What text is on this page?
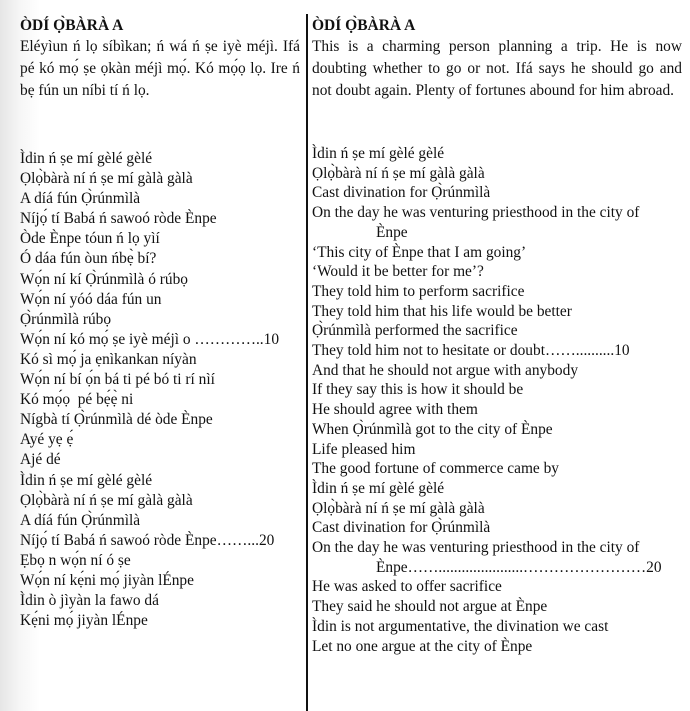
ÒDÍ Ọ̀BÀRÀ A

Eléyìun ń lọ síbìkan; ń wá ń ṣe iyè méjì. Ifá pé kó mọ́ ṣe ọkàn méjì mọ́. Kó mọ́ọ lọ. Ire ń bẹ fún un níbi tí ń lọ.

Ìdin ń ṣe mí gèlé gèlé
Ọlọ̀bàrà ní ń ṣe mí gàlà gàlà
A díá fún Ọ̀rúnmìlà
Níjọ́ tí Babá ń sawoó ròde Ènpe
Òde Ènpe tóun ń lọ yìí
Ó dáa fún òun ńbẹ̀ bí?
Wọ́n ní kí Ọ̀rúnmìlà ó rúbọ
Wọ́n ní yóó dáa fún un
Ọ̀rúnmìlà rúbọ
Wọ́n ní kó mọ́ ṣe iyè méjì o …………..10
Kó sì mọ́ ja ẹnìkankan níyàn
Wọ́n ní bí ọ́n bá ti pé bó ti rí nìí
Kó mọ́ọ  pé bẹ́ẹ̀ ni
Nígbà tí Ọ̀rúnmìlà dé òde Ènpe
Ayé yẹ ẹ́
Ajé dé
Ìdin ń ṣe mí gèlé gèlé
Ọlọ̀bàrà ní ń ṣe mí gàlà gàlà
A díá fún Ọ̀rúnmìlà
Níjọ́ tí Babá ń sawoó ròde Ènpe……...20
Ẹbọ n wọ́n ní ó ṣe
Wọ́n ní kẹ́ni mọ́ jiyàn lÉnpe
Ìdin ò jìyàn la fawo dá
Kẹ́ni mọ́ jiyàn lÉnpe
ÒDÍ Ọ̀BÀRÀ A

This is a charming person planning a trip. He is now doubting whether to go or not. Ifá says he should go and not doubt again. Plenty of fortunes abound for him abroad.

Ìdin ń ṣe mí gèlé gèlé
Ọlọ̀bàrà ní ń ṣe mí gàlà gàlà
Cast divination for Ọ̀rúnmìlà
On the day he was venturing priesthood in the city of
Ènpe
‘This city of Ènpe that I am going’
‘Would it be better for me’?
They told him to perform sacrifice
They told him that his life would be better
Ọ̀rúnmìlà performed the sacrifice
They told him not to hesitate or doubt……..........10
And that he should not argue with anybody
If they say this is how it should be
He should agree with them
When Ọ̀rúnmìlà got to the city of Ènpe
Life pleased him
The good fortune of commerce came by
Ìdin ń ṣe mí gèlé gèlé
Ọlọ̀bàrà ní ń ṣe mí gàlà gàlà
Cast divination for Ọ̀rúnmìlà
On the day he was venturing priesthood in the city of
Ènpe……......................……………………20
He was asked to offer sacrifice
They said he should not argue at Ènpe
Ìdin is not argumentative, the divination we cast
Let no one argue at the city of Ènpe
